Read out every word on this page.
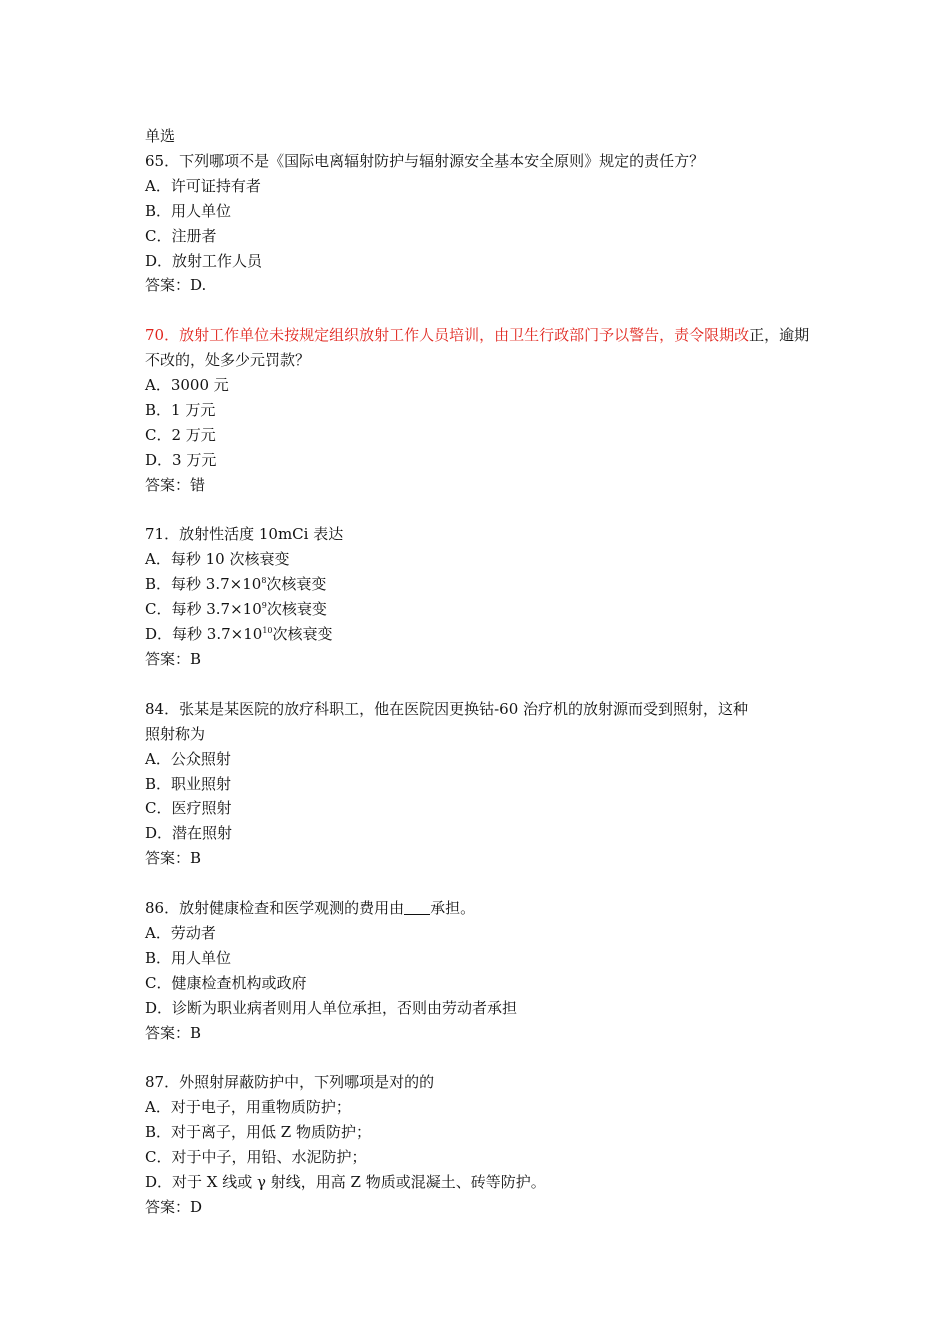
单选
65．下列哪项不是《国际电离辐射防护与辐射源安全基本安全原则》规定的责任方？
A．许可证持有者
B．用人单位
C．注册者
D．放射工作人员
答案：D.
70．放射工作单位未按规定组织放射工作人员培训，由卫生行政部门予以警告，责令限期改正，逾期不改的，处多少元罚款？
A．3000 元
B．1 万元
C．2 万元
D．3 万元
答案：错
71．放射性活度 10mCi 表达
A．每秒 10 次核衰变
B．每秒 $3.7\times 10^8$次核衰变
C．每秒 $3.7\times 10^9$次核衰变
D．每秒 $3.7\times 10^{10}$次核衰变
答案：B
84．张某是某医院的放疗科职工，他在医院因更换钴-60 治疗机的放射源而受到照射，这种
照射称为
A．公众照射
B．职业照射
C．医疗照射
D．潜在照射
答案：B
86．放射健康检查和医学观测的费用由 承担。
A．劳动者
B．用人单位
C．健康检查机构或政府
D．诊断为职业病者则用人单位承担，否则由劳动者承担
答案：B
87．外照射屏蔽防护中，下列哪项是对的的
A．对于电子，用重物质防护；
B．对于离子，用低 Z 物质防护；
C．对于中子，用铅、水泥防护；
D．对于 X 线或 γ 射线，用高 Z 物质或混凝土、砖等防护。
答案：D
